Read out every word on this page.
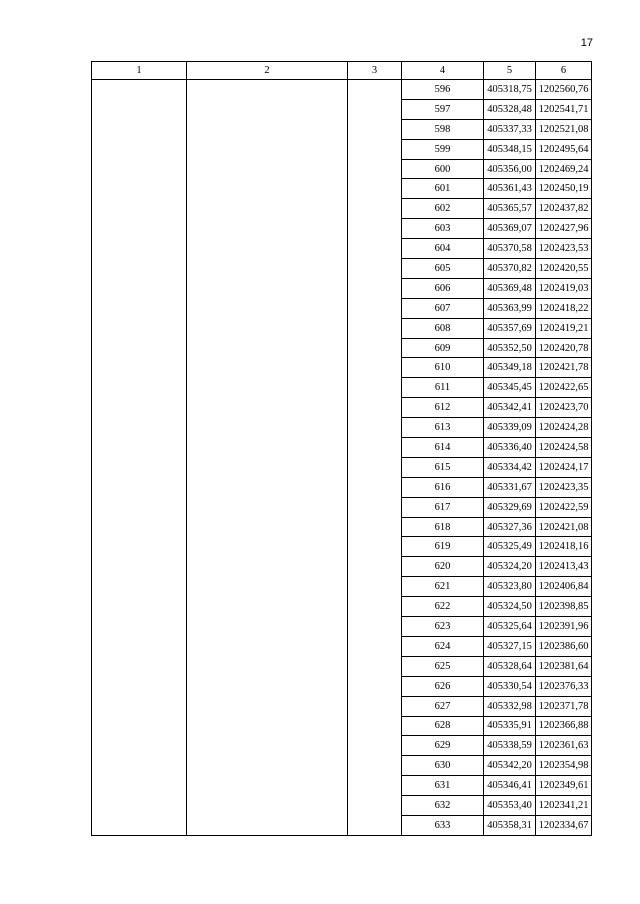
17
1	2	3	4	5	6
			596	405318,75	1202560,76
			597	405328,48	1202541,71
			598	405337,33	1202521,08
			599	405348,15	1202495,64
			600	405356,00	1202469,24
			601	405361,43	1202450,19
			602	405365,57	1202437,82
			603	405369,07	1202427,96
			604	405370,58	1202423,53
			605	405370,82	1202420,55
			606	405369,48	1202419,03
			607	405363,99	1202418,22
			608	405357,69	1202419,21
			609	405352,50	1202420,78
			610	405349,18	1202421,78
			611	405345,45	1202422,65
			612	405342,41	1202423,70
			613	405339,09	1202424,28
			614	405336,40	1202424,58
			615	405334,42	1202424,17
			616	405331,67	1202423,35
			617	405329,69	1202422,59
			618	405327,36	1202421,08
			619	405325,49	1202418,16
			620	405324,20	1202413,43
			621	405323,80	1202406,84
			622	405324,50	1202398,85
			623	405325,64	1202391,96
			624	405327,15	1202386,60
			625	405328,64	1202381,64
			626	405330,54	1202376,33
			627	405332,98	1202371,78
			628	405335,91	1202366,88
			629	405338,59	1202361,63
			630	405342,20	1202354,98
			631	405346,41	1202349,61
			632	405353,40	1202341,21
			633	405358,31	1202334,67
